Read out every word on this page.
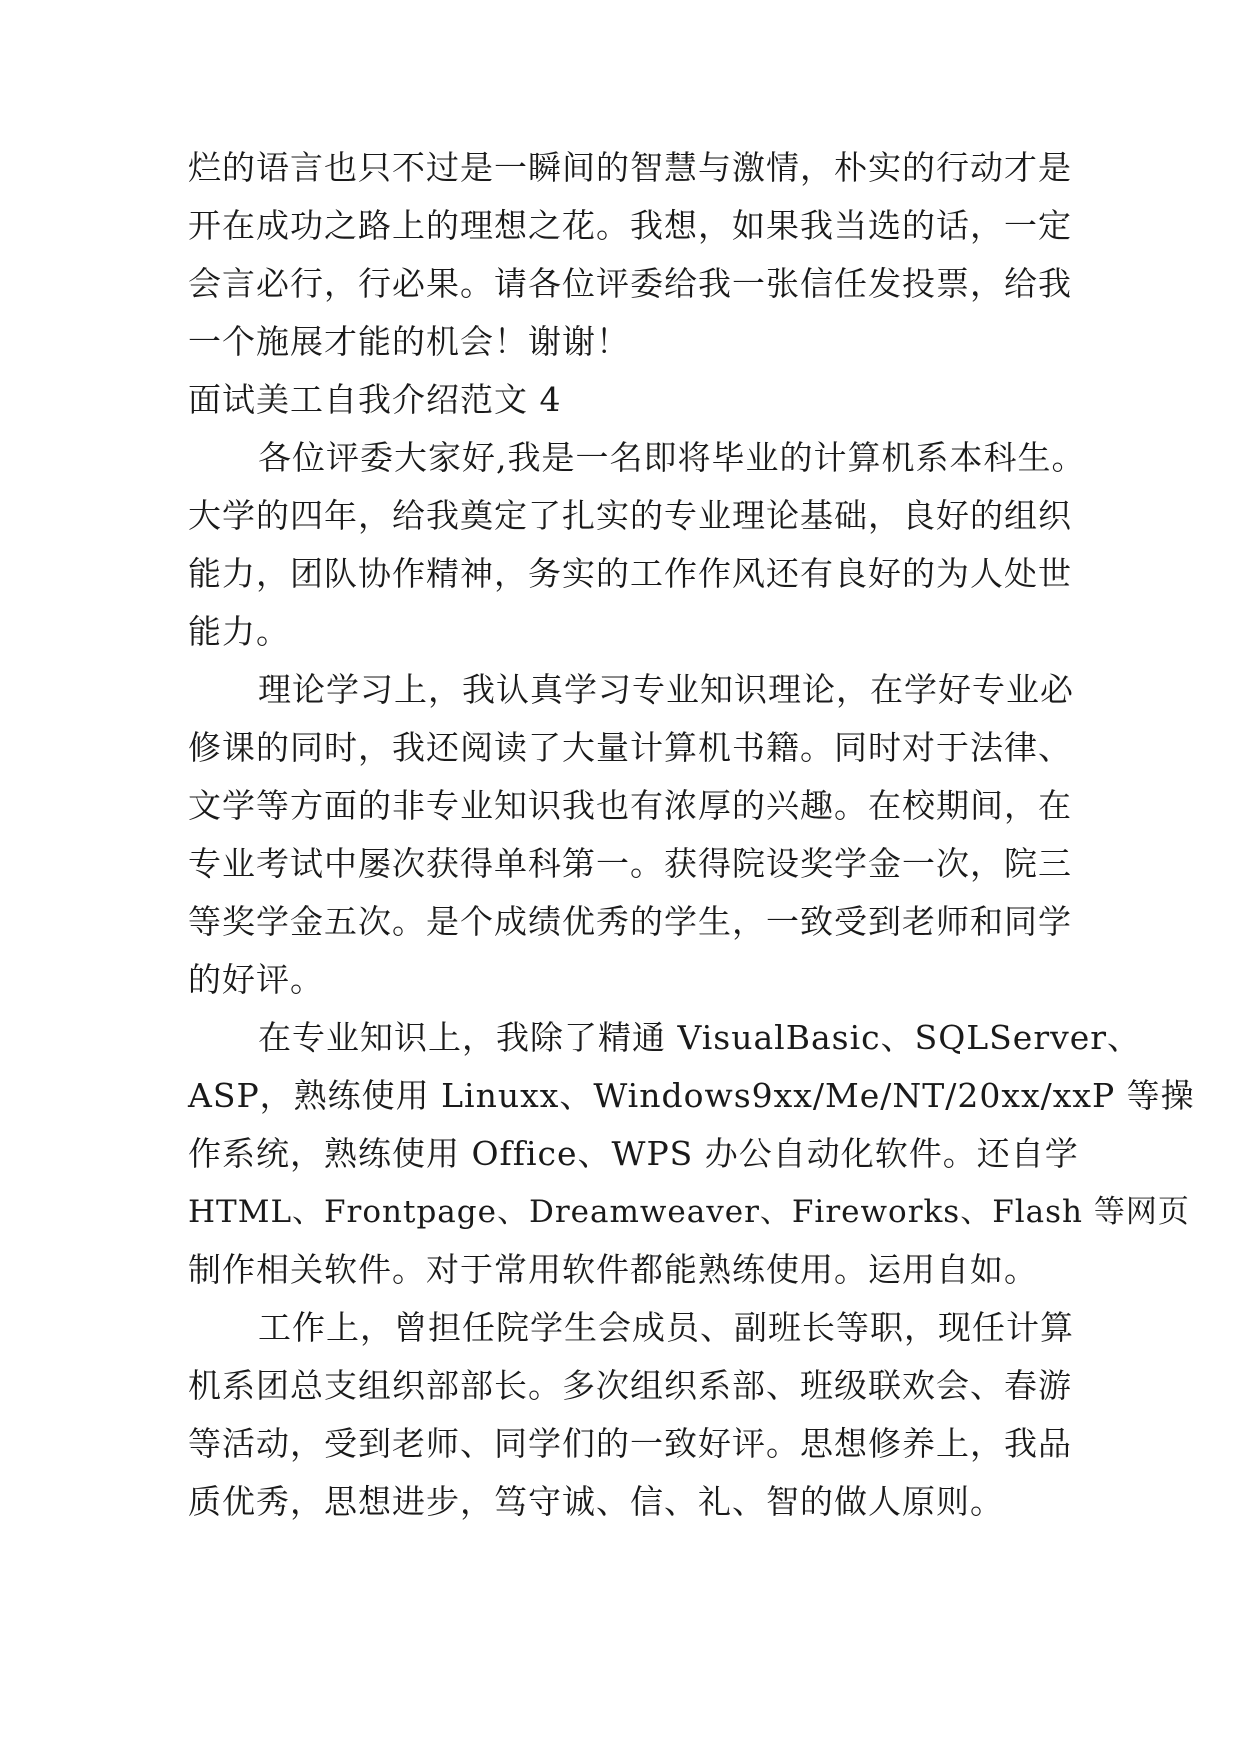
烂的语言也只不过是一瞬间的智慧与激情，朴实的行动才是
开在成功之路上的理想之花。我想，如果我当选的话，一定
会言必行，行必果。请各位评委给我一张信任发投票，给我
一个施展才能的机会！谢谢！
面试美工自我介绍范文 4
各位评委大家好,我是一名即将毕业的计算机系本科生。
大学的四年，给我奠定了扎实的专业理论基础，良好的组织
能力，团队协作精神，务实的工作作风还有良好的为人处世
能力。
理论学习上，我认真学习专业知识理论，在学好专业必
修课的同时，我还阅读了大量计算机书籍。同时对于法律、
文学等方面的非专业知识我也有浓厚的兴趣。在校期间，在
专业考试中屡次获得单科第一。获得院设奖学金一次，院三
等奖学金五次。是个成绩优秀的学生，一致受到老师和同学
的好评。
在专业知识上，我除了精通 VisualBasic、SQLServer、
ASP，熟练使用 Linuxx、Windows9xx/Me/NT/20xx/xxP 等操
作系统，熟练使用 Office、WPS 办公自动化软件。还自学
HTML、Frontpage、Dreamweaver、Fireworks、Flash 等网页
制作相关软件。对于常用软件都能熟练使用。运用自如。
工作上，曾担任院学生会成员、副班长等职，现任计算
机系团总支组织部部长。多次组织系部、班级联欢会、春游
等活动，受到老师、同学们的一致好评。思想修养上，我品
质优秀，思想进步，笃守诚、信、礼、智的做人原则。
